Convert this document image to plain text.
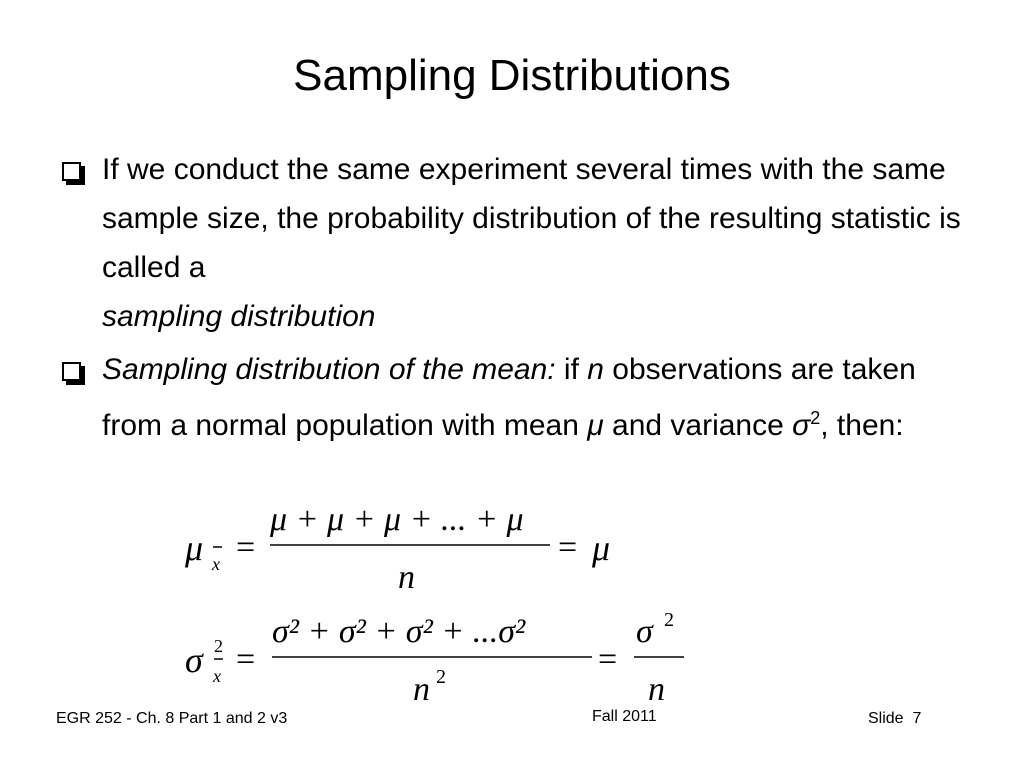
Sampling Distributions
If we conduct the same experiment several times with the same sample size, the probability distribution of the resulting statistic is called a
sampling distribution
Sampling distribution of the mean: if n observations are taken from a normal population with mean μ and variance $\sigma^2$, then:
μ x =
μ + μ + μ + ... + μ
n
= μ
σ 2
x =
σ² + σ² + σ² + ...σ²
n 2	=
σ 2
n
EGR 252 - Ch. 8 Part 1 and 2 v3	Fall 2011	Slide  7
